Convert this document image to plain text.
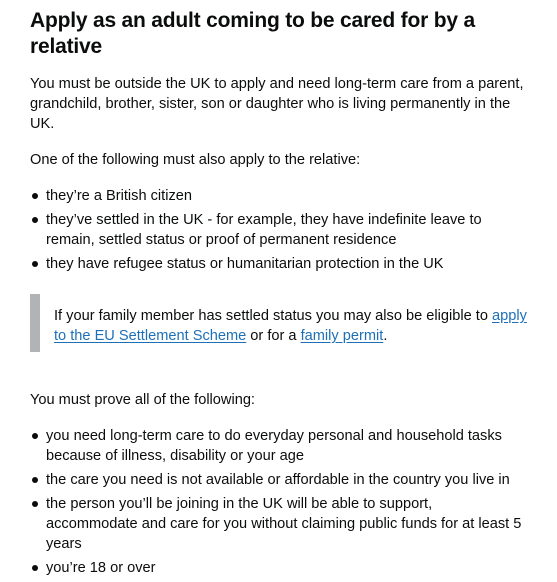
Apply as an adult coming to be cared for by a relative

You must be outside the UK to apply and need long-term care from a parent, grandchild, brother, sister, son or daughter who is living permanently in the UK.

One of the following must also apply to the relative:

they’re a British citizen
they’ve settled in the UK - for example, they have indefinite leave to remain, settled status or proof of permanent residence
they have refugee status or humanitarian protection in the UK

If your family member has settled status you may also be eligible to apply to the EU Settlement Scheme or for a family permit.

You must prove all of the following:

you need long-term care to do everyday personal and household tasks because of illness, disability or your age
the care you need is not available or affordable in the country you live in
the person you’ll be joining in the UK will be able to support, accommodate and care for you without claiming public funds for at least 5 years
you’re 18 or over
